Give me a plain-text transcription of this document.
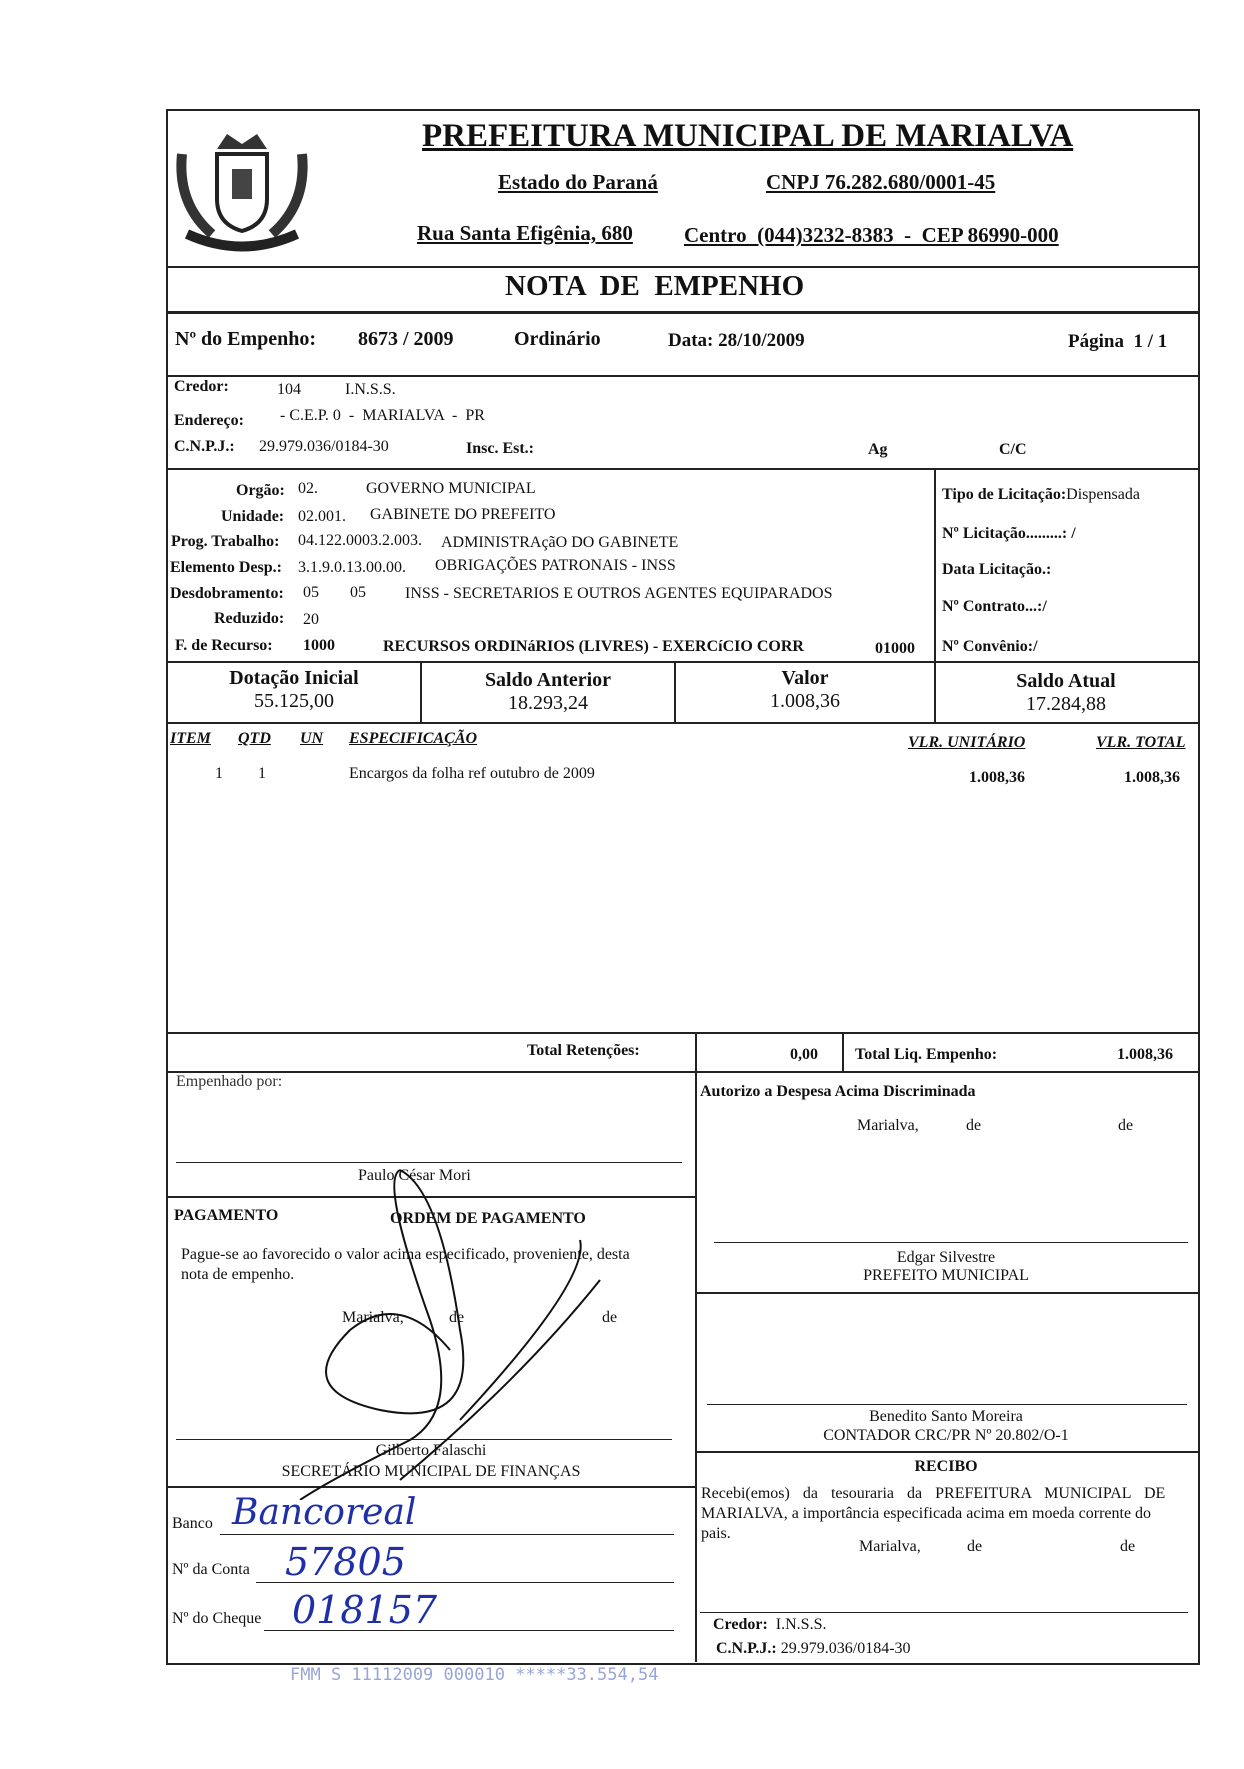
PREFEITURA MUNICIPAL DE MARIALVA
Estado do Paraná	CNPJ 76.282.680/0001-45
Rua Santa Efigênia, 680 Centro  (044)3232-8383  -  CEP 86990-000
NOTA  DE  EMPENHO
Nº do Empenho: 8673 / 2009	Ordinário	Data: 28/10/2009	Página  1 / 1
Credor:	104	I.N.S.S.
Endereço: - C.E.P. 0  -  MARIALVA  -  PR
C.N.P.J.: 29.979.036/0184-30	Insc. Est.:	Ag	C/C
Orgão: 02.	GOVERNO MUNICIPAL
Unidade: 02.001. GABINETE DO PREFEITO
Prog. Trabalho: 04.122.0003.2.003. ADMINISTRAçãO DO GABINETE
Elemento Desp.: 3.1.9.0.13.00.00. OBRIGAÇÕES PATRONAIS - INSS
Desdobramento: 05 05 INSS - SECRETARIOS E OUTROS AGENTES EQUIPARADOS
Reduzido: 20
F. de Recurso: 1000	RECURSOS ORDINáRIOS (LIVRES) - EXERCíCIO CORR	01000
Tipo de Licitação:Dispensada
Nº Licitação.........: /
Data Licitação.:
Nº Contrato...:/
Nº Convênio:/
Dotação Inicial
55.125,00
Saldo Anterior
18.293,24
Valor
1.008,36
Saldo Atual
17.284,88
ITEM QTD UN ESPECIFICAÇÃO	VLR. UNITÁRIO	VLR. TOTAL
1 1	Encargos da folha ref outubro de 2009	1.008,36	1.008,36
Total Retenções:	0,00 Total Liq. Empenho:	1.008,36
Empenhado por:
Paulo César Mori
Autorizo a Despesa Acima Discriminada
Marialva,	de	de
Edgar Silvestre
PREFEITO MUNICIPAL
Benedito Santo Moreira
CONTADOR CRC/PR Nº 20.802/O-1
PAGAMENTO	ORDEM DE PAGAMENTO
Pague-se ao favorecido o valor acima especificado, proveniente, desta
nota de empenho.
Marialva,	de	de
Gilberto Falaschi
SECRETÁRIO MUNICIPAL DE FINANÇAS
Banco Bancoreal
Nº da Conta 57805
Nº do Cheque 018157
RECIBO
Recebi(emos) da tesouraria da PREFEITURA MUNICIPAL DE
MARIALVA, a importância especificada acima em moeda corrente do
pais.
Marialva,	de	de
Credor: I.N.S.S.
C.N.P.J.: 29.979.036/0184-30
FMM S 11112009 000010 *****33.554,54
